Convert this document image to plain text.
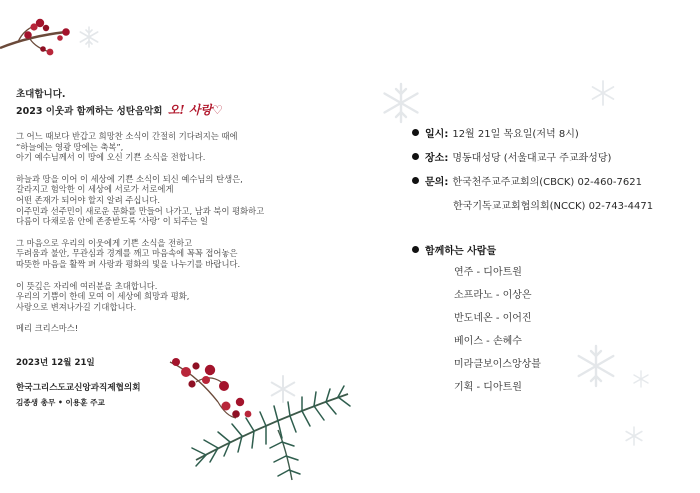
초대합니다.
2023 이웃과 함께하는 성탄음악회 오! 사랑♡
그 어느 때보다 반갑고 희망찬 소식이 간절히 기다려지는 때에
“하늘에는 영광 땅에는 축복”,
아기 예수님께서 이 땅에 오신 기쁜 소식을 전합니다.
하늘과 땅을 이어 이 세상에 기쁜 소식이 되신 예수님의 탄생은,
갈라지고 험악한 이 세상에 서로가 서로에게
어떤 존재가 되어야 할지 알려 주십니다.
이주민과 선주민이 새로운 문화를 만들어 나가고, 남과 북이 평화하고
다름이 다채로움 안에 존중받도록 ‘사랑’ 이 되주는 일
그 마음으로 우리의 이웃에게 기쁜 소식을 전하고
두려움과 불안, 무관심과 경계를 깨고 마음속에 꼭꼭 접어놓은
따뜻한 마음을 활짝 펴 사랑과 평화의 빛을 나누기를 바랍니다.
이 뜻깊은 자리에 여러분을 초대합니다.
우리의 기쁨이 한데 모여 이 세상에 희망과 평화,
사랑으로 변져나가길 기대합니다.
메리 크리스마스!
2023년 12월 21일
한국그리스도교신앙과직제협의회
김종생 총무 • 이용훈 주교
일시: 12월 21일 목요일(저녁 8시)
장소: 명동대성당 (서울대교구 주교좌성당)
문의: 한국천주교주교회의(CBCK) 02-460-7621
한국기독교교회협의회(NCCK) 02-743-4471
함께하는 사람들
연주 - 디아트원
소프라노 - 이상은
반도네온 - 이어진
베이스 - 손혜수
미라클보이스앙상블
기획 - 디아트원
